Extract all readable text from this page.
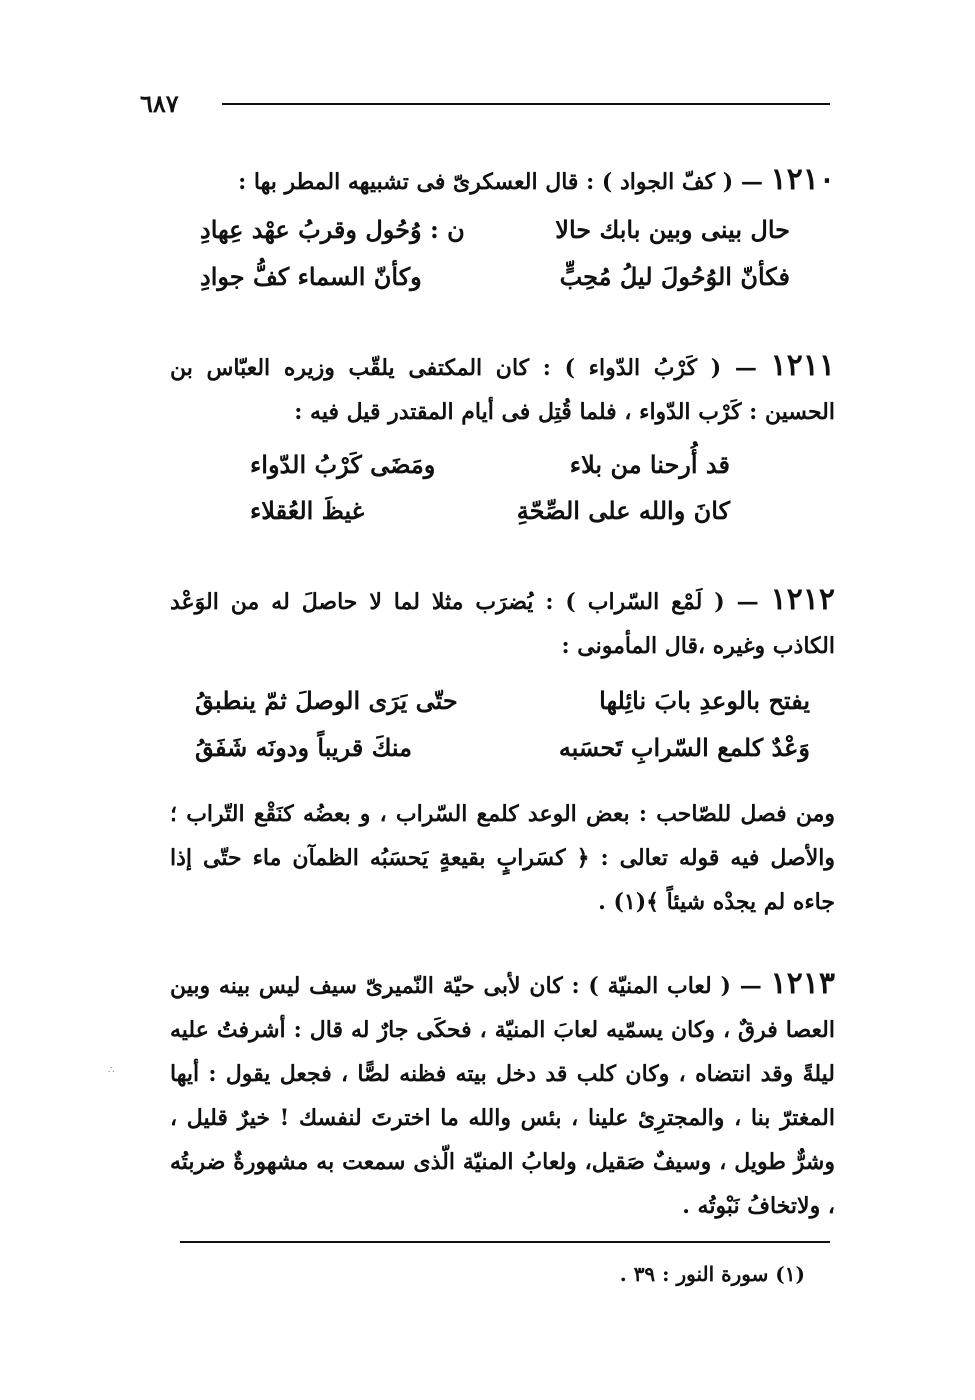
٦٨٧
١٢١٠ — ( كفّ الجواد ) : قال العسكرىّ فى تشبيهه المطر بها :
حال بينى وبين بابك حالا
ن : وُحُول وقربُ عهْد عِهادِ
فكأنّ الوُحُولَ ليلُ مُحِبٍّ
وكأنّ السماء كفُّ جوادِ
١٢١١ — ( كَرْبُ الدّواء ) : كان المكتفى يلقّب وزيره العبّاس بن الحسين : كَرْب الدّواء ، فلما قُتِل فى أيام المقتدر قيل فيه :
قد أُرحنا من بلاء
ومَضَى كَرْبُ الدّواء
كانَ والله على الصِّحّةِ
غيظَ العُقلاء
١٢١٢ — ( لَمْع السّراب ) : يُضرَب مثلا لما لا حاصلَ له من الوَعْد الكاذب وغيره ،قال المأمونى :
يفتح بالوعدِ بابَ نائِلها
حتّى يَرَى الوصلَ ثمّ ينطبقُ
وَعْدٌ كلمع السّرابِ تَحسَبه
منكَ قريباً ودونَه شَفَقُ
ومن فصل للصّاحب : بعض الوعد كلمع السّراب ، و بعضُه كنَقْع التّراب ؛ والأصل فيه قوله تعالى : ﴿ كسَرابٍ بقيعةٍ يَحسَبُه الظمآن ماء حتّى إذا جاءه لم يجدْه شيئاً ﴾(١) .
١٢١٣ — ( لعاب المنيّة ) : كان لأبى حيّة النّميرىّ سيف ليس بينه وبين العصا فرقٌ ، وكان يسمّيه لعابَ المنيّة ، فحكَى جارٌ له قال : أشرفتُ عليه ليلةً وقد انتضاه ، وكان كلب قد دخل بيته فظنه لصًّا ، فجعل يقول : أيها المغترّ بنا ، والمجترِئ علينا ، بئس والله ما اخترتَ لنفسك ! خيرٌ قليل ، وشرٌّ طويل ، وسيفٌ صَقيل، ولعابُ المنيّة الّذى سمعت به مشهورةٌ ضربتُه ، ولاتخافُ نَبْوتُه .
∴
(١) سورة النور : ٣٩ .
